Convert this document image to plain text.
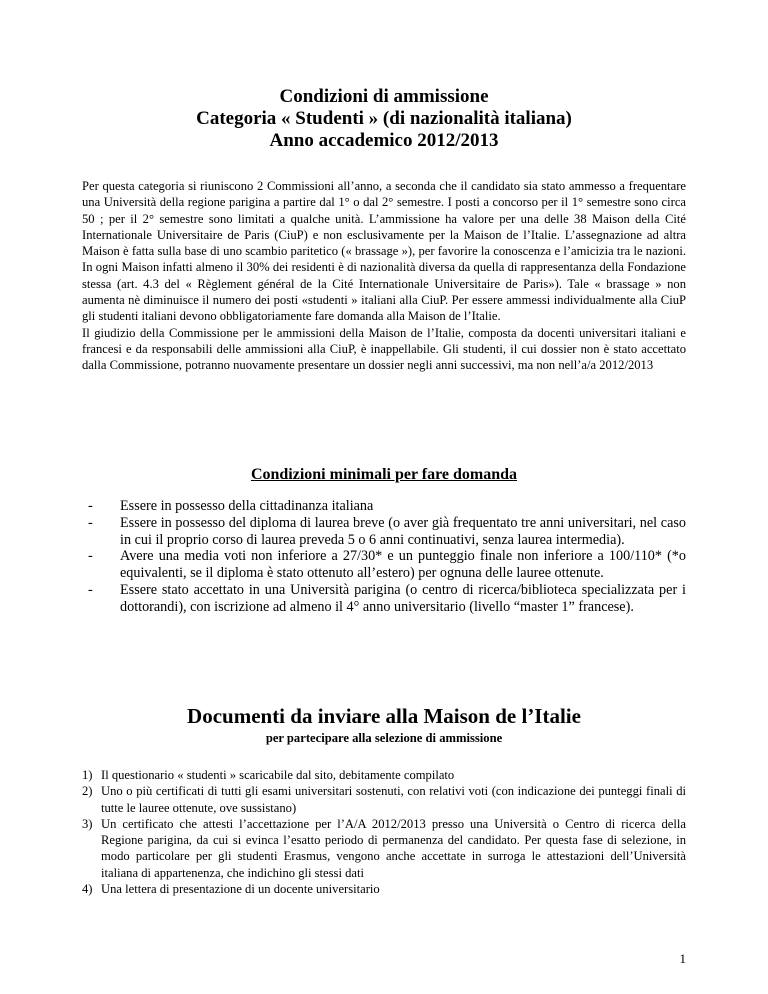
Condizioni di ammissione
Categoria « Studenti » (di nazionalità italiana)
Anno accademico 2012/2013

Per questa categoria si riuniscono 2 Commissioni all’anno, a seconda che il candidato sia stato ammesso a frequentare una Università della regione parigina a partire dal 1° o dal 2° semestre. I posti a concorso per il 1° semestre sono circa 50 ; per il 2° semestre sono limitati a qualche unità. L’ammissione ha valore per una delle 38 Maison della Cité Internationale Universitaire de Paris (CiuP) e non esclusivamente per la Maison de l’Italie. L’assegnazione ad altra Maison è fatta sulla base di uno scambio paritetico (« brassage »), per favorire la conoscenza e l’amicizia tra le nazioni. In ogni Maison infatti almeno il 30% dei residenti è di nazionalità diversa da quella di rappresentanza della Fondazione stessa (art. 4.3 del « Règlement général de la Cité Internationale Universitaire de Paris»). Tale « brassage » non aumenta nè diminuisce il numero dei posti «studenti » italiani alla CiuP. Per essere ammessi individualmente alla CiuP gli studenti italiani devono obbligatoriamente fare domanda alla Maison de l’Italie.

Il giudizio della Commissione per le ammissioni della Maison de l’Italie, composta da docenti universitari italiani e francesi e da responsabili delle ammissioni alla CiuP, è inappellabile. Gli studenti, il cui dossier non è stato accettato dalla Commissione, potranno nuovamente presentare un dossier negli anni successivi, ma non nell’a/a 2012/2013

Condizioni minimali per fare domanda
- Essere in possesso della cittadinanza italiana
- Essere in possesso del diploma di laurea breve (o aver già frequentato tre anni universitari, nel caso in cui il proprio corso di laurea preveda 5 o 6 anni continuativi, senza laurea intermedia).
- Avere una media voti non inferiore a 27/30* e un punteggio finale non inferiore a 100/110* (*o equivalenti, se il diploma è stato ottenuto all’estero) per ognuna delle lauree ottenute.
- Essere stato accettato in una Università parigina (o centro di ricerca/biblioteca specializzata per i dottorandi), con iscrizione ad almeno il 4° anno universitario (livello “master 1” francese).
Documenti da inviare alla Maison de l’Italie
per partecipare alla selezione di ammissione
1) Il questionario « studenti » scaricabile dal sito, debitamente compilato
2) Uno o più certificati di tutti gli esami universitari sostenuti, con relativi voti (con indicazione dei punteggi finali di tutte le lauree ottenute, ove sussistano)
3) Un certificato che attesti l’accettazione per l’A/A 2012/2013 presso una Università o Centro di ricerca della Regione parigina, da cui si evinca l’esatto periodo di permanenza del candidato. Per questa fase di selezione, in modo particolare per gli studenti Erasmus, vengono anche accettate in surroga le attestazioni dell’Università italiana di appartenenza, che indichino gli stessi dati
4) Una lettera di presentazione di un docente universitario
1
